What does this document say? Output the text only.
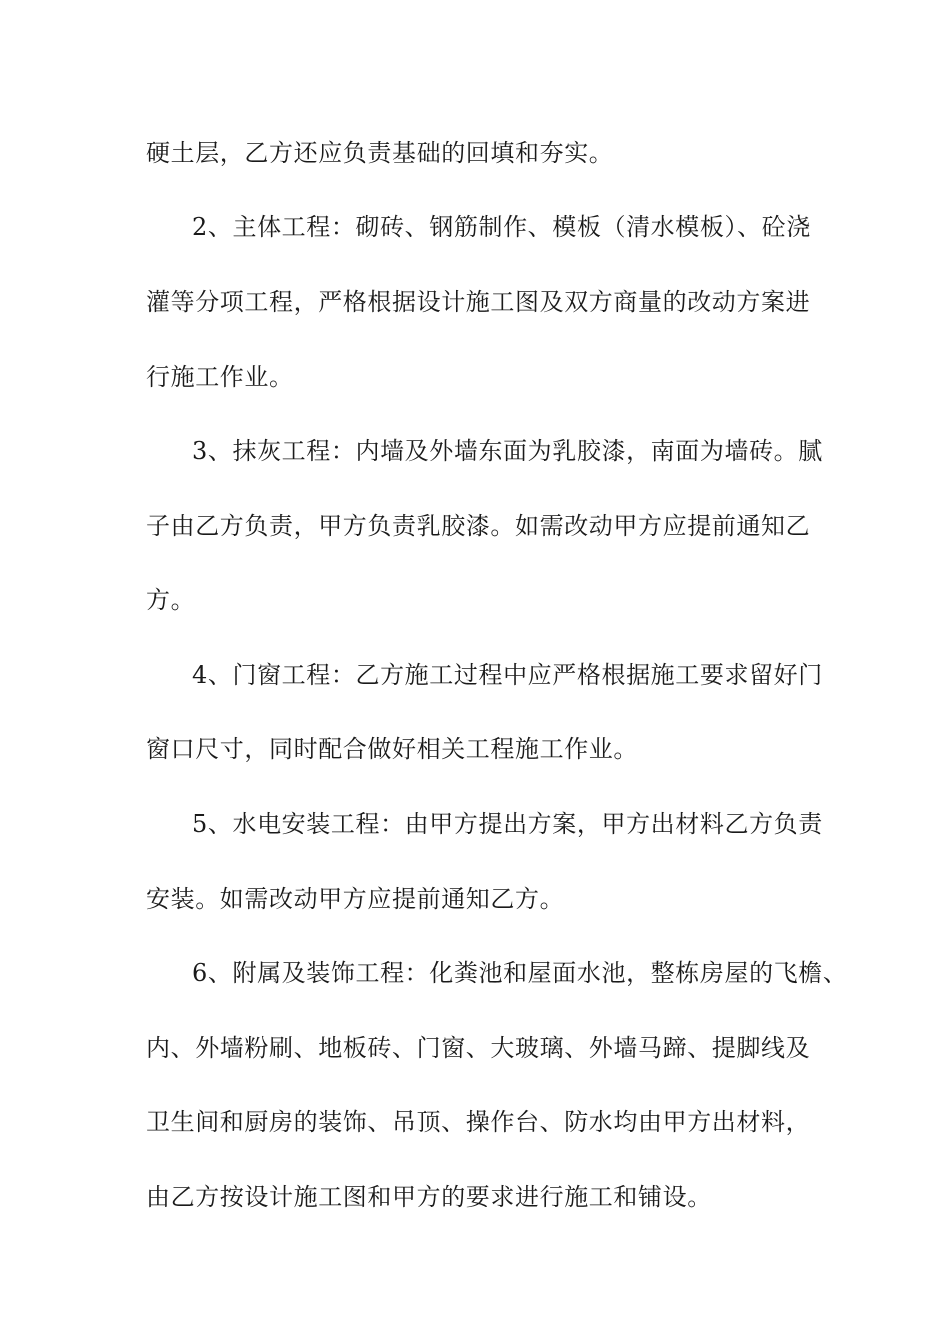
硬土层，乙方还应负责基础的回填和夯实。
2、主体工程：砌砖、钢筋制作、模板（清水模板）、砼浇
灌等分项工程，严格根据设计施工图及双方商量的改动方案进
行施工作业。
3、抹灰工程：内墙及外墙东面为乳胶漆，南面为墙砖。腻
子由乙方负责，甲方负责乳胶漆。如需改动甲方应提前通知乙
方。
4、门窗工程：乙方施工过程中应严格根据施工要求留好门
窗口尺寸，同时配合做好相关工程施工作业。
5、水电安装工程：由甲方提出方案，甲方出材料乙方负责
安装。如需改动甲方应提前通知乙方。
6、附属及装饰工程：化粪池和屋面水池，整栋房屋的飞檐、
内、外墙粉刷、地板砖、门窗、大玻璃、外墙马蹄、提脚线及
卫生间和厨房的装饰、吊顶、操作台、防水均由甲方出材料，
由乙方按设计施工图和甲方的要求进行施工和铺设。
